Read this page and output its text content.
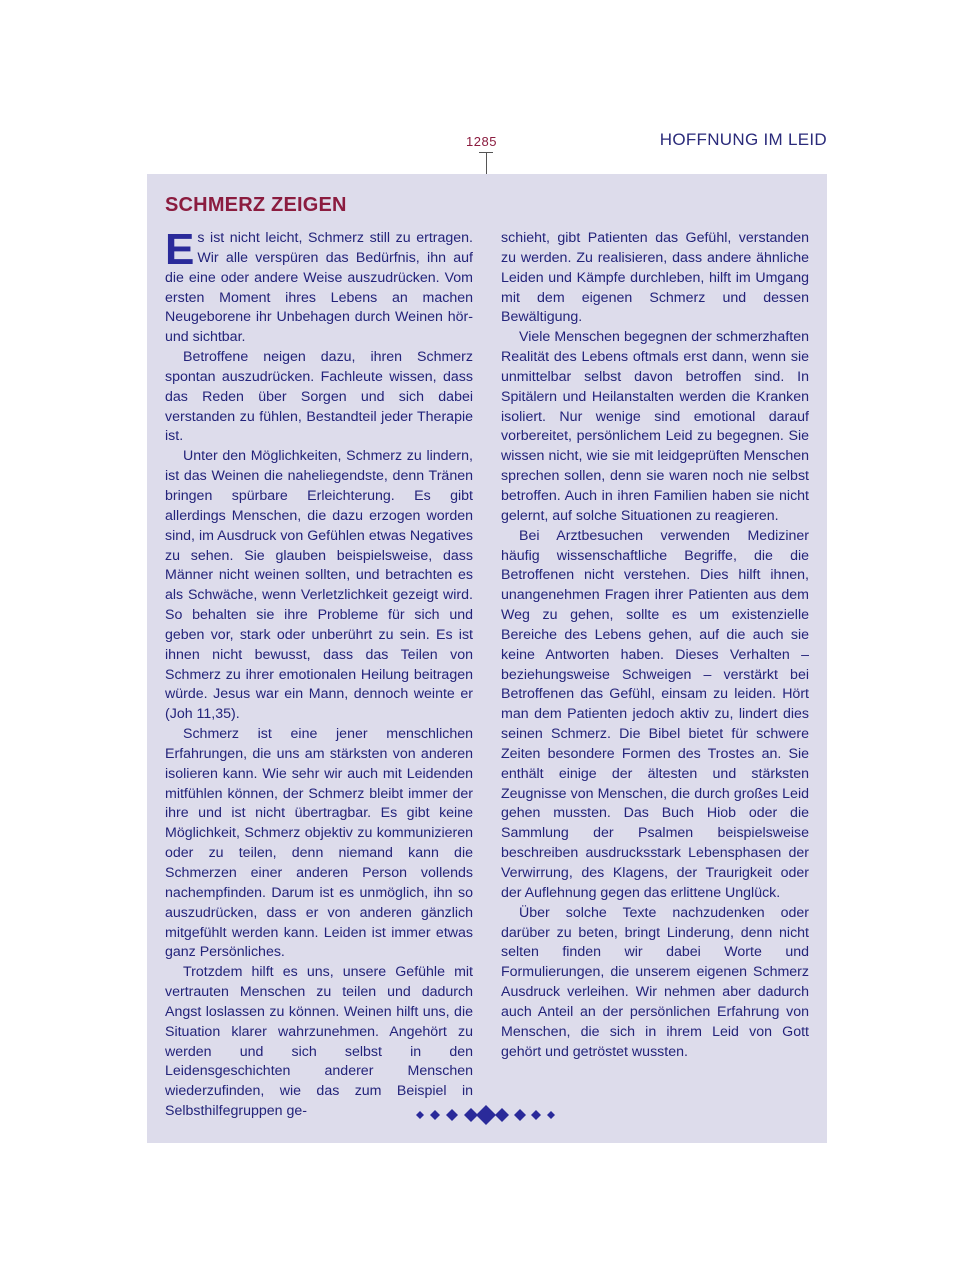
1285	HOFFNUNG IM LEID
SCHMERZ ZEIGEN

Es ist nicht leicht, Schmerz still zu ertragen. Wir alle verspüren das Bedürfnis, ihn auf die eine oder andere Weise auszudrücken. Vom ersten Moment ihres Lebens an machen Neugeborene ihr Unbehagen durch Weinen hör- und sichtbar.

Betroffene neigen dazu, ihren Schmerz spontan auszudrücken. Fachleute wissen, dass das Reden über Sorgen und sich dabei verstanden zu fühlen, Bestandteil jeder Therapie ist.

Unter den Möglichkeiten, Schmerz zu lindern, ist das Weinen die naheliegendste, denn Tränen bringen spürbare Erleichterung. Es gibt allerdings Menschen, die dazu erzogen worden sind, im Ausdruck von Gefühlen etwas Negatives zu sehen. Sie glauben beispielsweise, dass Männer nicht weinen sollten, und betrachten es als Schwäche, wenn Verletzlichkeit gezeigt wird. So behalten sie ihre Probleme für sich und geben vor, stark oder unberührt zu sein. Es ist ihnen nicht bewusst, dass das Teilen von Schmerz zu ihrer emotionalen Heilung beitragen würde. Jesus war ein Mann, dennoch weinte er (Joh 11,35).

Schmerz ist eine jener menschlichen Erfahrungen, die uns am stärksten von anderen isolieren kann. Wie sehr wir auch mit Leidenden mitfühlen können, der Schmerz bleibt immer der ihre und ist nicht übertragbar. Es gibt keine Möglichkeit, Schmerz objektiv zu kommunizieren oder zu teilen, denn niemand kann die Schmerzen einer anderen Person vollends nachempfinden. Darum ist es unmöglich, ihn so auszudrücken, dass er von anderen gänzlich mitgefühlt werden kann. Leiden ist immer etwas ganz Persönliches.

Trotzdem hilft es uns, unsere Gefühle mit vertrauten Menschen zu teilen und dadurch Angst loslassen zu können. Weinen hilft uns, die Situation klarer wahrzunehmen. Angehört zu werden und sich selbst in den Leidensgeschichten anderer Menschen wiederzufinden, wie das zum Beispiel in Selbsthilfegruppen ge-

schieht, gibt Patienten das Gefühl, verstanden zu werden. Zu realisieren, dass andere ähnliche Leiden und Kämpfe durchleben, hilft im Umgang mit dem eigenen Schmerz und dessen Bewältigung.

Viele Menschen begegnen der schmerzhaften Realität des Lebens oftmals erst dann, wenn sie unmittelbar selbst davon betroffen sind. In Spitälern und Heilanstalten werden die Kranken isoliert. Nur wenige sind emotional darauf vorbereitet, persönlichem Leid zu begegnen. Sie wissen nicht, wie sie mit leidgeprüften Menschen sprechen sollen, denn sie waren noch nie selbst betroffen. Auch in ihren Familien haben sie nicht gelernt, auf solche Situationen zu reagieren.

Bei Arztbesuchen verwenden Mediziner häufig wissenschaftliche Begriffe, die die Betroffenen nicht verstehen. Dies hilft ihnen, unangenehmen Fragen ihrer Patienten aus dem Weg zu gehen, sollte es um existenzielle Bereiche des Lebens gehen, auf die auch sie keine Antworten haben. Dieses Verhalten – beziehungsweise Schweigen – verstärkt bei Betroffenen das Gefühl, einsam zu leiden. Hört man dem Patienten jedoch aktiv zu, lindert dies seinen Schmerz. Die Bibel bietet für schwere Zeiten besondere Formen des Trostes an. Sie enthält einige der ältesten und stärksten Zeugnisse von Menschen, die durch großes Leid gehen mussten. Das Buch Hiob oder die Sammlung der Psalmen beispielsweise beschreiben ausdrucksstark Lebensphasen der Verwirrung, des Klagens, der Traurigkeit oder der Auflehnung gegen das erlittene Unglück.

Über solche Texte nachzudenken oder darüber zu beten, bringt Linderung, denn nicht selten finden wir dabei Worte und Formulierungen, die unserem eigenen Schmerz Ausdruck verleihen. Wir nehmen aber dadurch auch Anteil an der persönlichen Erfahrung von Menschen, die sich in ihrem Leid von Gott gehört und getröstet wussten.
